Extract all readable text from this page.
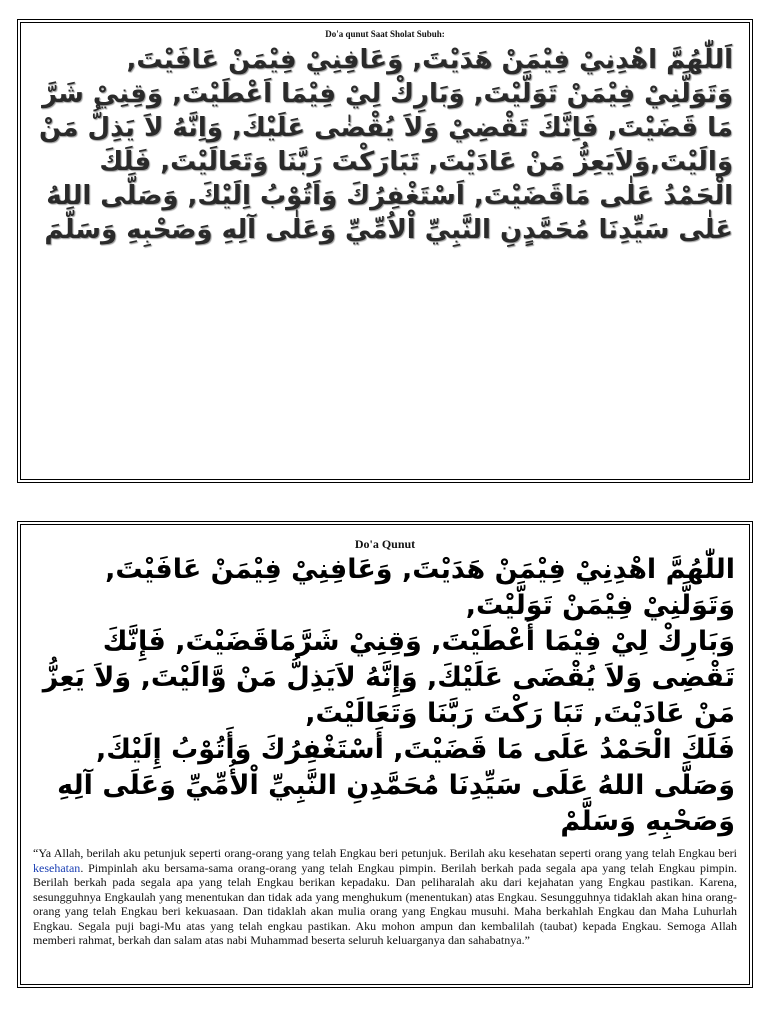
Do'a qunut Saat Sholat Subuh:

اَللّٰهُمَّ اهْدِنِيْ فِيْمَنْ هَدَيْتَ, وَعَافِنِيْ فِيْمَنْ عَافَيْتَ, وَتَوَلَّنِيْ فِيْمَنْ تَوَلَّيْتَ, وَبَارِكْ لِيْ فِيْمَا اَعْطَيْتَ, وَقِنِيْ شَرَّ مَا قَضَيْتَ, فَاِنَّكَ تَقْضِيْ وَلاَ يُقْضٰى عَلَيْكَ, وَاِنَّهُ لاَ يَذِلُّ مَنْ وَالَيْتَ,وَلاَيَعِزُّ مَنْ عَادَيْتَ, تَبَارَكْتَ رَبَّنَا وَتَعَالَيْتَ, فَلَكَ الْحَمْدُ عَلٰى مَاقَضَيْتَ, اَسْتَغْفِرُكَ وَاَتُوْبُ اِلَيْكَ, وَصَلَّى اللهُ عَلٰى سَيِّدِنَا مُحَمَّدٍنِ النَّبِيِّ اْلاُمِّيِّ وَعَلٰى آلِهِ وَصَحْبِهِ وَسَلَّمَ

Do'a Qunut
اللّٰهُمَّ اهْدِنِيْ فِيْمَنْ هَدَيْتَ, وَعَافِنِيْ فِيْمَنْ عَافَيْتَ, وَتَوَلَّنِيْ فِيْمَنْ تَوَلَّيْتَ,
وَبَارِكْ لِيْ فِيْمَا أَعْطَيْتَ, وَقِنِيْ شَرَّمَاقَضَيْتَ, فَإِنَّكَ تَقْضِى وَلاَ يُقْضَى عَلَيْكَ, وَإِنَّهُ لاَيَذِلُّ مَنْ وَّالَيْتَ, وَلاَ يَعِزُّ مَنْ عَادَيْتَ, تَبَا رَكْتَ رَبَّنَا وَتَعَالَيْتَ,
فَلَكَ الْحَمْدُ عَلَى مَا قَضَيْتَ, أَسْتَغْفِرُكَ وَأَتُوْبُ إِلَيْكَ,
وَصَلَّى اللهُ عَلَى سَيِّدِنَا مُحَمَّدِنِ النَّبِيِّ اْلأُمِّيِّ وَعَلَى آلِهِ وَصَحْبِهِ وَسَلَّمْ

“Ya Allah, berilah aku petunjuk seperti orang-orang yang telah Engkau beri petunjuk. Berilah aku kesehatan seperti orang yang telah Engkau beri kesehatan. Pimpinlah aku bersama-sama orang-orang yang telah Engkau pimpin. Berilah berkah pada segala apa yang telah Engkau pimpin. Berilah berkah pada segala apa yang telah Engkau berikan kepadaku. Dan peliharalah aku dari kejahatan yang Engkau pastikan. Karena, sesungguhnya Engkaulah yang menentukan dan tidak ada yang menghukum (menentukan) atas Engkau. Sesungguhnya tidaklah akan hina orang-orang yang telah Engkau beri kekuasaan. Dan tidaklah akan mulia orang yang Engkau musuhi. Maha berkahlah Engkau dan Maha Luhurlah Engkau. Segala puji bagi-Mu atas yang telah engkau pastikan. Aku mohon ampun dan kembalilah (taubat) kepada Engkau. Semoga Allah memberi rahmat, berkah dan salam atas nabi Muhammad beserta seluruh keluarganya dan sahabatnya.”
